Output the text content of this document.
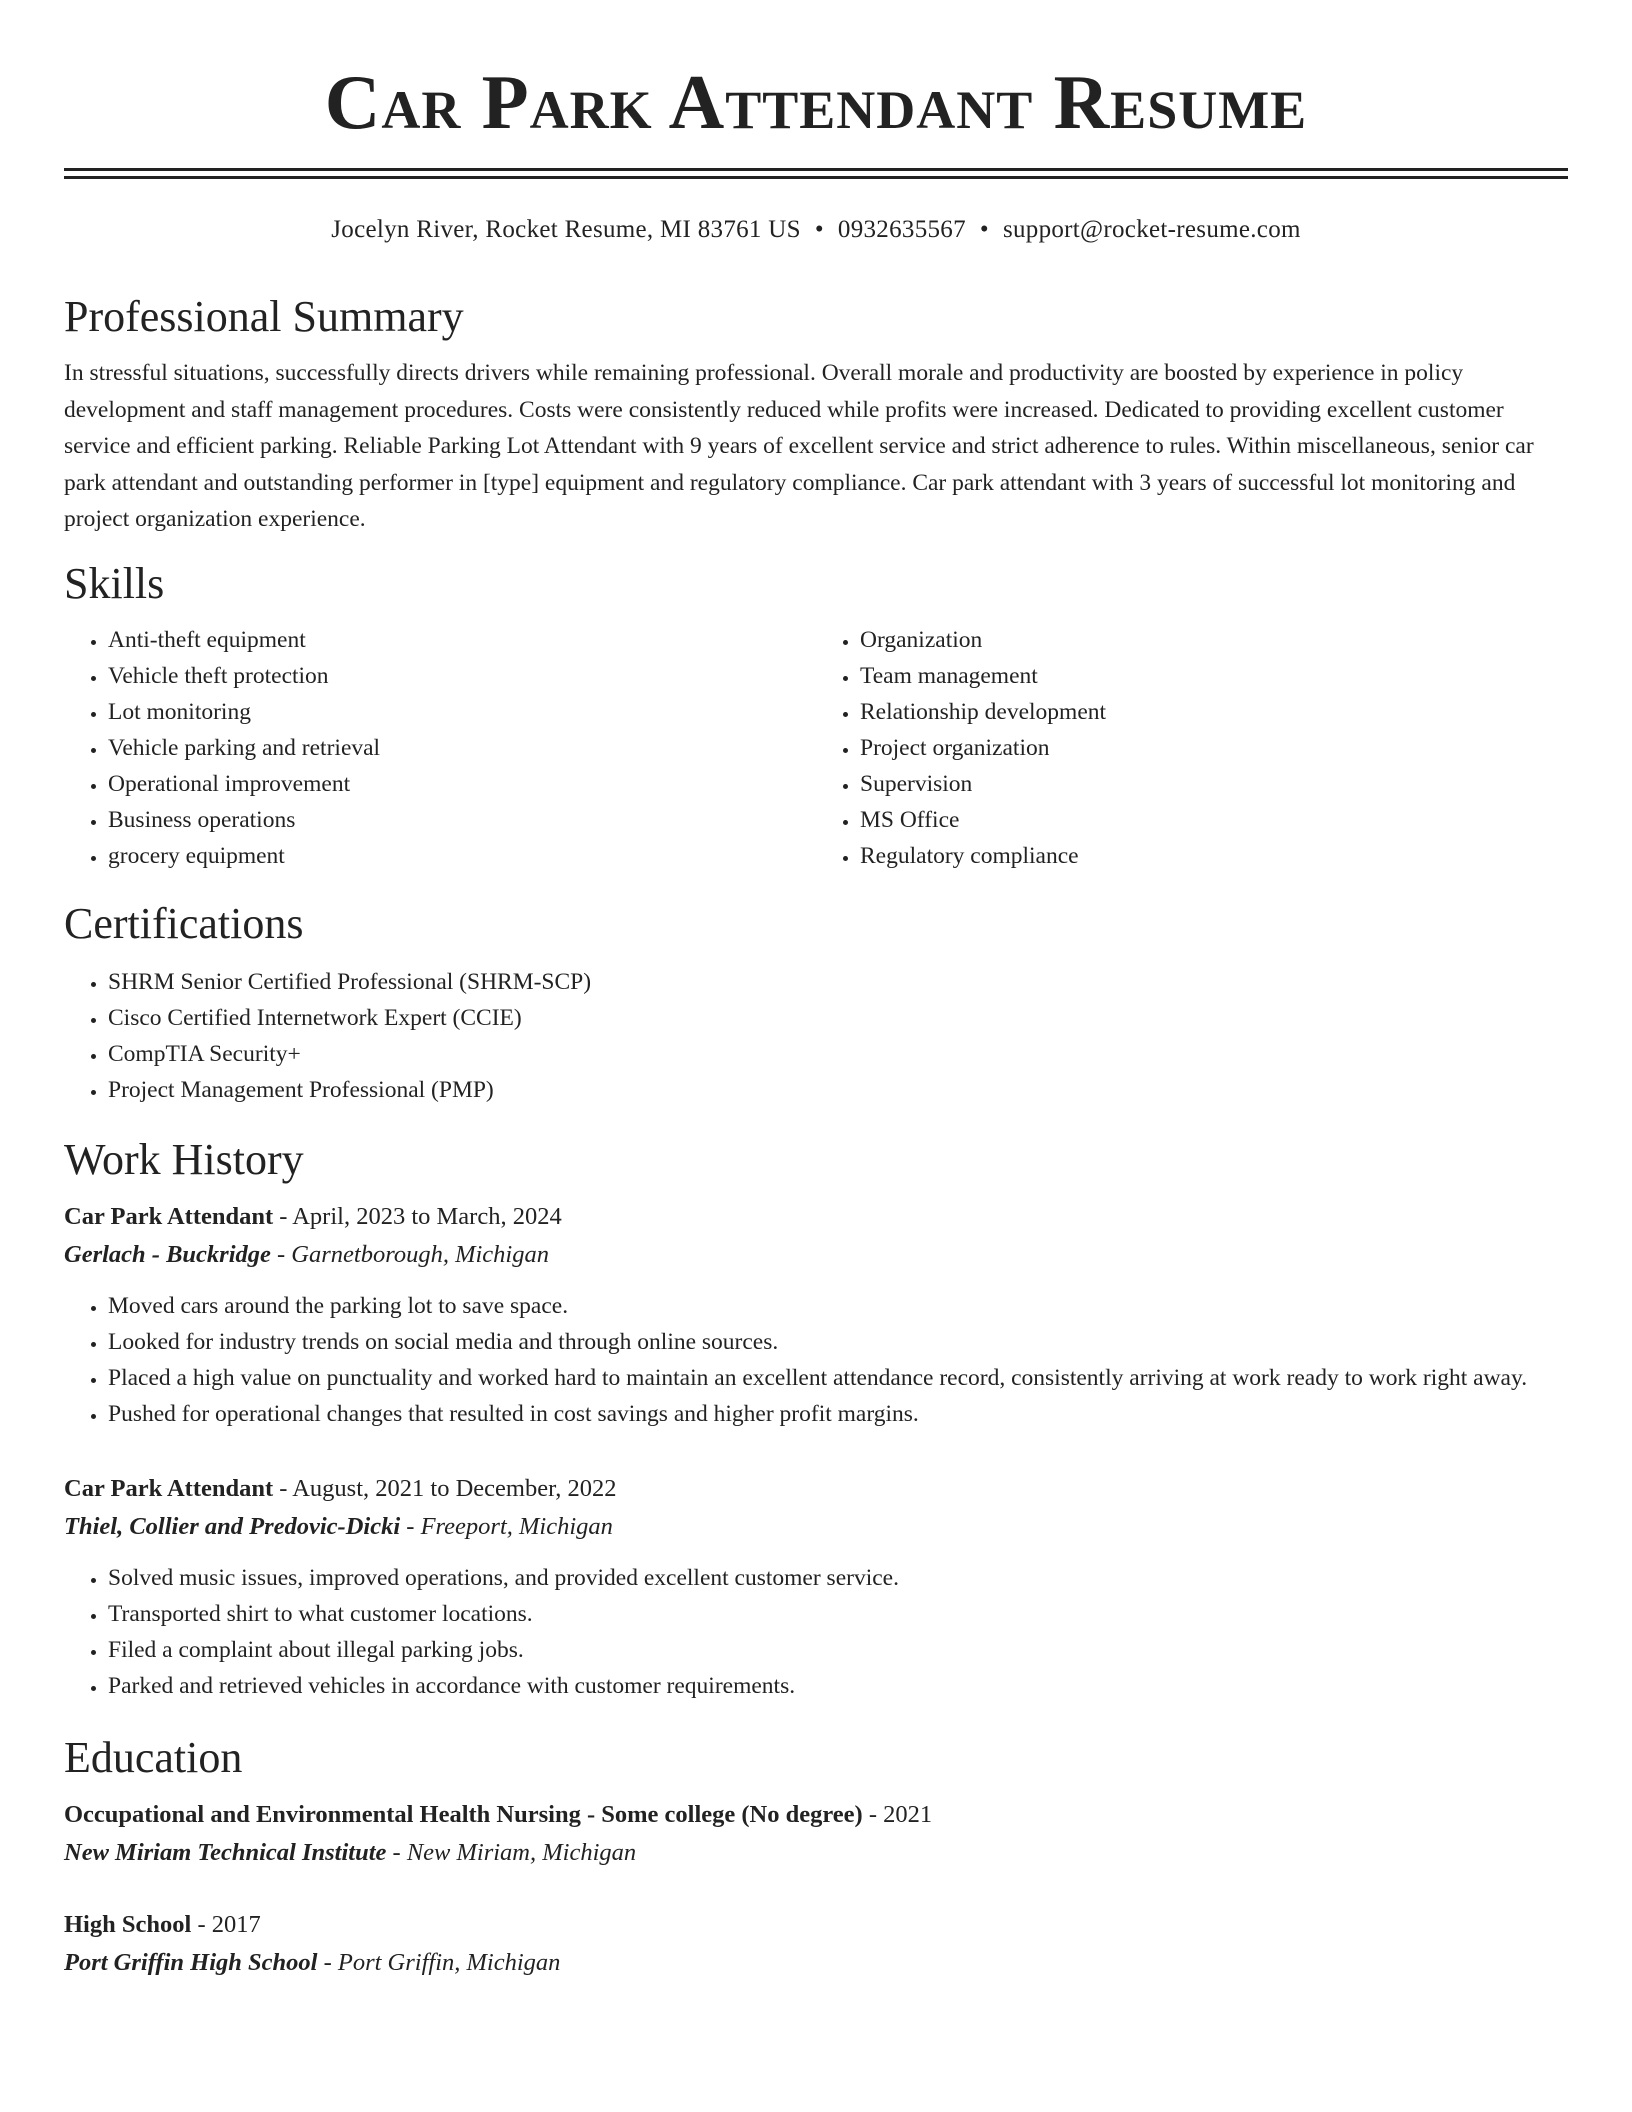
Car Park Attendant Resume
Jocelyn River, Rocket Resume, MI 83761 US • 0932635567 • support@rocket-resume.com
Professional Summary

In stressful situations, successfully directs drivers while remaining professional. Overall morale and productivity are boosted by experience in policy development and staff management procedures. Costs were consistently reduced while profits were increased. Dedicated to providing excellent customer service and efficient parking. Reliable Parking Lot Attendant with 9 years of excellent service and strict adherence to rules. Within miscellaneous, senior car park attendant and outstanding performer in [type] equipment and regulatory compliance. Car park attendant with 3 years of successful lot monitoring and project organization experience.

Skills
• Anti-theft equipment
• Vehicle theft protection
• Lot monitoring
• Vehicle parking and retrieval
• Operational improvement
• Business operations
• grocery equipment
• Organization
• Team management
• Relationship development
• Project organization
• Supervision
• MS Office
• Regulatory compliance
Certifications
• SHRM Senior Certified Professional (SHRM-SCP)
• Cisco Certified Internetwork Expert (CCIE)
• CompTIA Security+
• Project Management Professional (PMP)
Work History
Car Park Attendant - April, 2023 to March, 2024
Gerlach - Buckridge - Garnetborough, Michigan
• Moved cars around the parking lot to save space.
• Looked for industry trends on social media and through online sources.
• Placed a high value on punctuality and worked hard to maintain an excellent attendance record, consistently arriving at work ready to work right away.
• Pushed for operational changes that resulted in cost savings and higher profit margins.
Car Park Attendant - August, 2021 to December, 2022
Thiel, Collier and Predovic-Dicki - Freeport, Michigan
• Solved music issues, improved operations, and provided excellent customer service.
• Transported shirt to what customer locations.
• Filed a complaint about illegal parking jobs.
• Parked and retrieved vehicles in accordance with customer requirements.
Education
Occupational and Environmental Health Nursing - Some college (No degree) - 2021
New Miriam Technical Institute - New Miriam, Michigan
High School - 2017
Port Griffin High School - Port Griffin, Michigan
